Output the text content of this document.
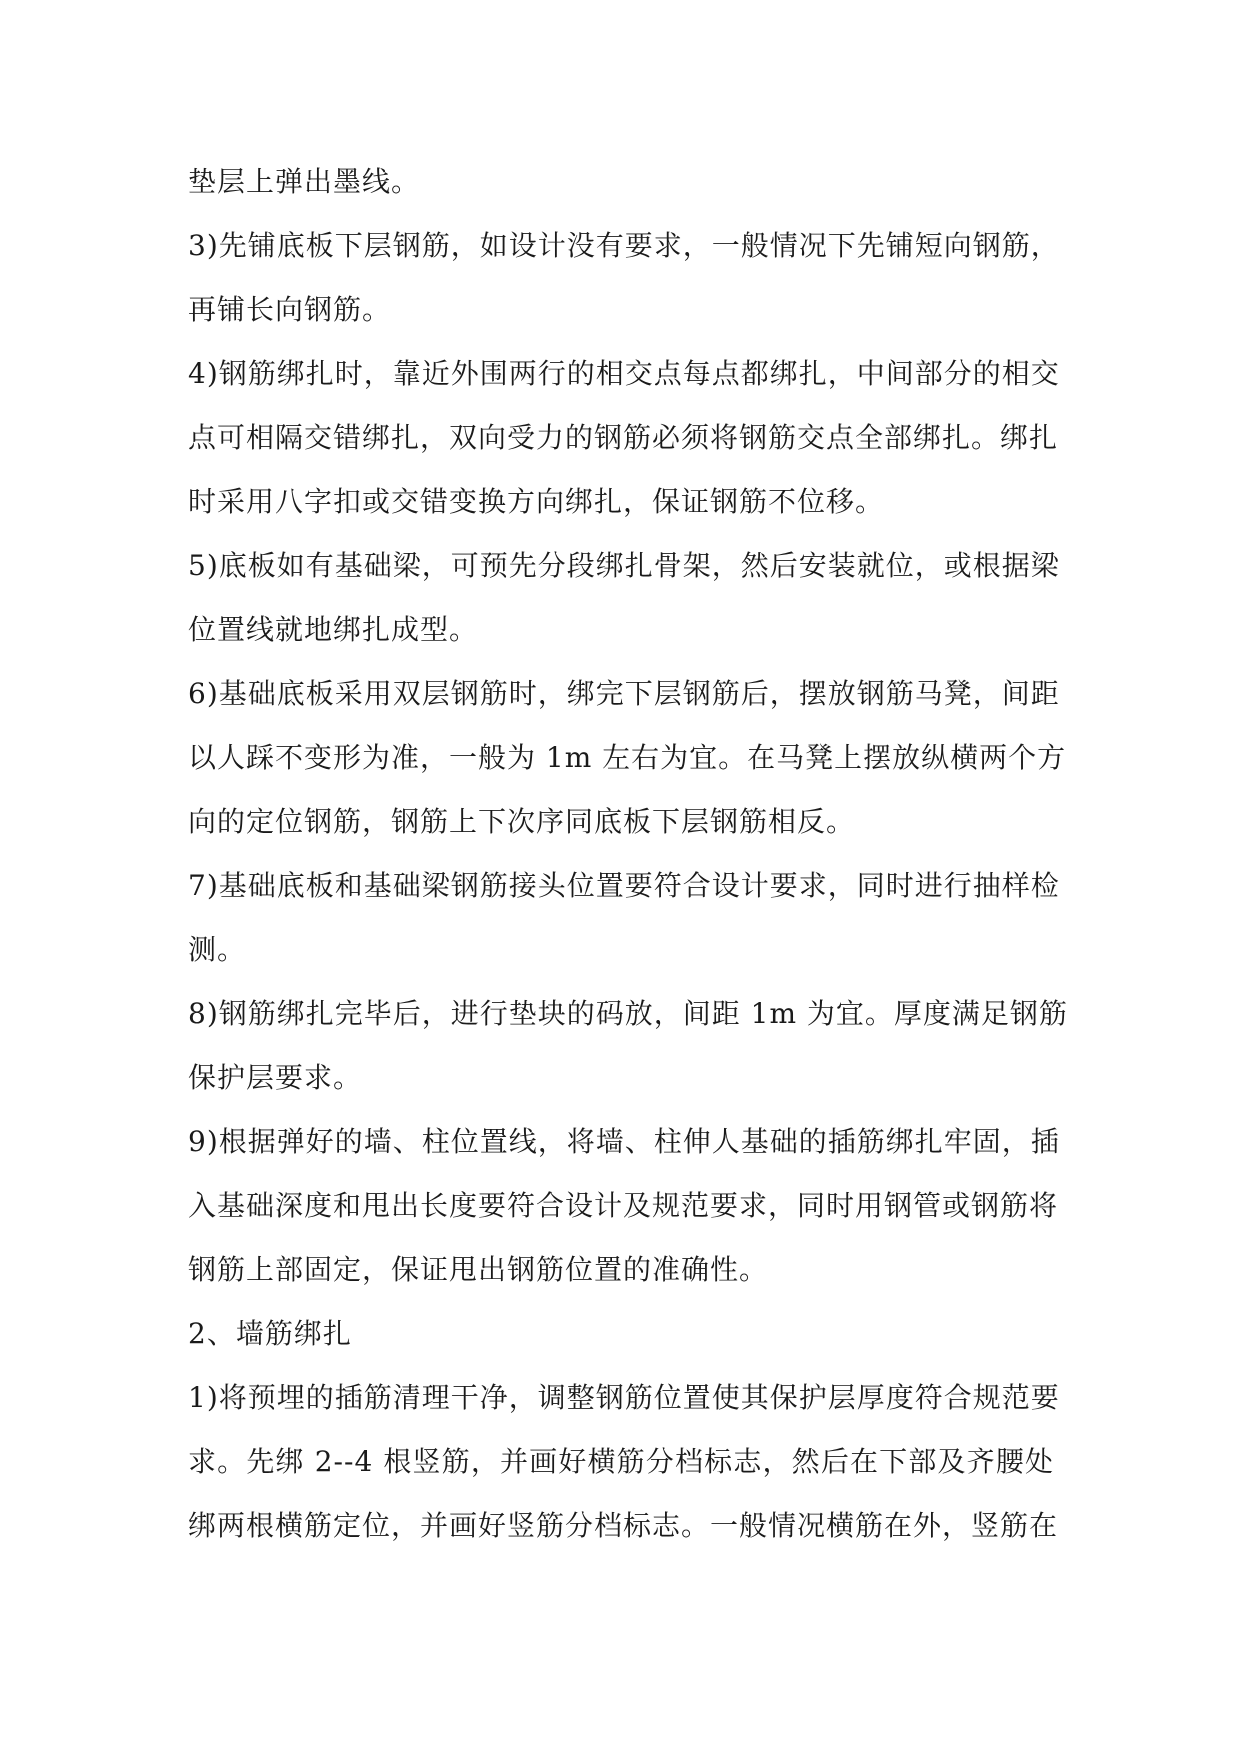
垫层上弹出墨线。
3)先铺底板下层钢筋，如设计没有要求，一般情况下先铺短向钢筋，
再铺长向钢筋。
4)钢筋绑扎时，靠近外围两行的相交点每点都绑扎，中间部分的相交
点可相隔交错绑扎，双向受力的钢筋必须将钢筋交点全部绑扎。绑扎
时采用八字扣或交错变换方向绑扎，保证钢筋不位移。
5)底板如有基础梁，可预先分段绑扎骨架，然后安装就位，或根据梁
位置线就地绑扎成型。
6)基础底板采用双层钢筋时，绑完下层钢筋后，摆放钢筋马凳，间距
以人踩不变形为准，一般为 1m 左右为宜。在马凳上摆放纵横两个方
向的定位钢筋，钢筋上下次序同底板下层钢筋相反。
7)基础底板和基础梁钢筋接头位置要符合设计要求，同时进行抽样检
测。
8)钢筋绑扎完毕后，进行垫块的码放，间距 1m 为宜。厚度满足钢筋
保护层要求。
9)根据弹好的墙、柱位置线，将墙、柱伸人基础的插筋绑扎牢固，插
入基础深度和甩出长度要符合设计及规范要求，同时用钢管或钢筋将
钢筋上部固定，保证甩出钢筋位置的准确性。
2、墙筋绑扎
1)将预埋的插筋清理干净，调整钢筋位置使其保护层厚度符合规范要
求。先绑 2--4 根竖筋，并画好横筋分档标志，然后在下部及齐腰处
绑两根横筋定位，并画好竖筋分档标志。一般情况横筋在外，竖筋在
